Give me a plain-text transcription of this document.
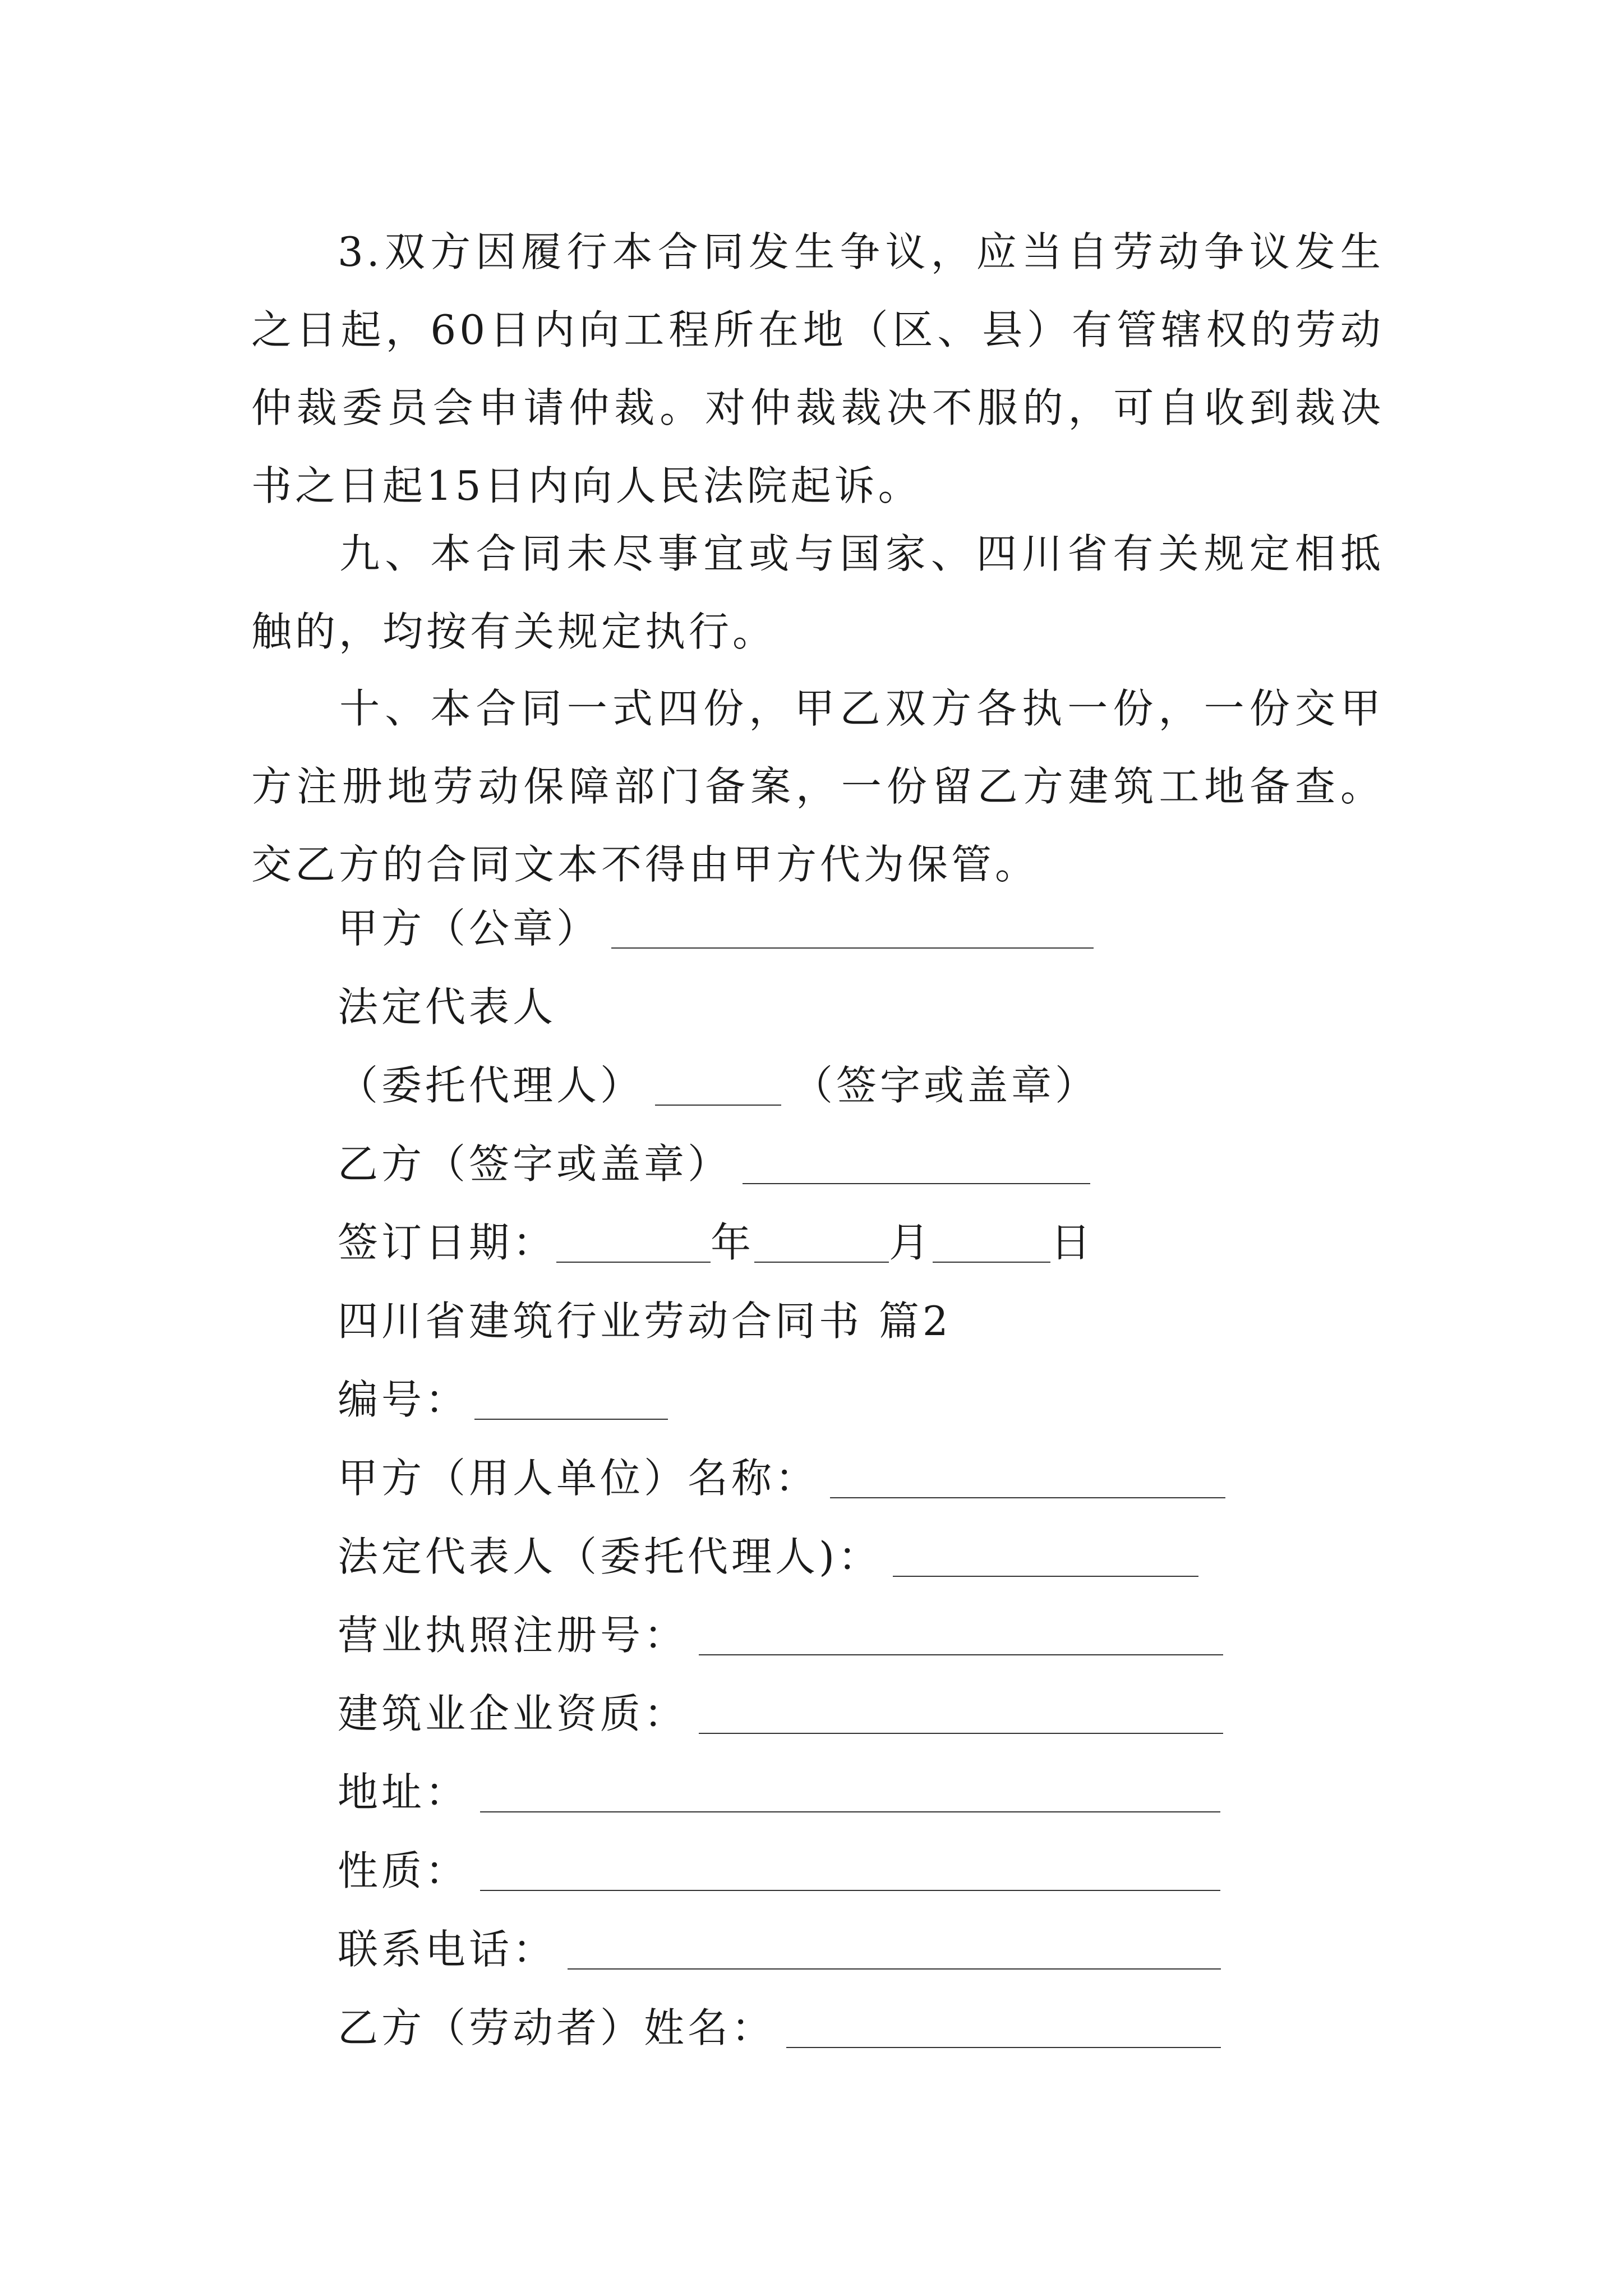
3.双方因履行本合同发生争议，应当自劳动争议发生之日起，60日内向工程所在地（区、县）有管辖权的劳动仲裁委员会申请仲裁。对仲裁裁决不服的，可自收到裁决书之日起15日内向人民法院起诉。

九、本合同未尽事宜或与国家、四川省有关规定相抵触的，均按有关规定执行。

十、本合同一式四份，甲乙双方各执一份，一份交甲方注册地劳动保障部门备案，一份留乙方建筑工地备查。交乙方的合同文本不得由甲方代为保管。

甲方（公章）
法定代表人
（委托代理人）	（签字或盖章）
乙方（签字或盖章）
签订日期：	年	月	日
四川省建筑行业劳动合同书 篇2
编号：
甲方（用人单位）名称：
法定代表人（委托代理人)：
营业执照注册号：
建筑业企业资质：
地址：
性质：
联系电话：
乙方（劳动者）姓名：
